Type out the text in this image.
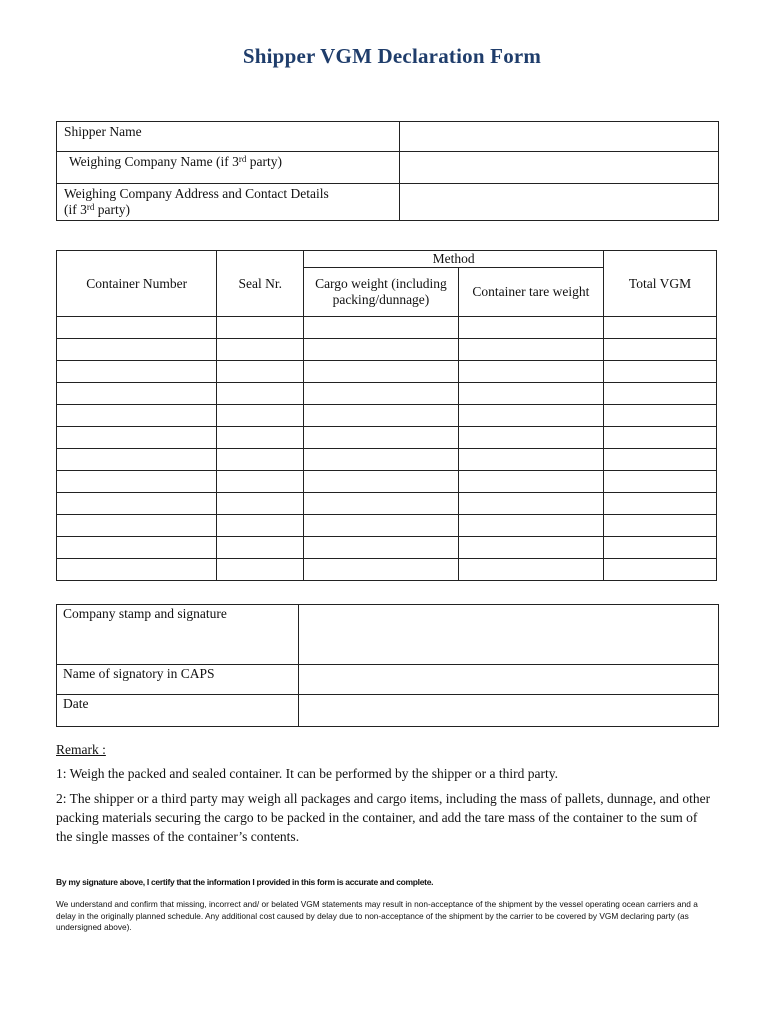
Shipper VGM Declaration Form
Shipper Name	
Weighing Company Name (if 3rd party)	

Weighing Company Address and Contact Details
(if 3rd party)	

Container Number	Seal Nr.	Method		Total VGM
		Cargo weight (including packing/dunnage)	Container tare weight	

Company stamp and signature	
Name of signatory in CAPS	
Date	
Remark :
1: Weigh the packed and sealed container. It can be performed by the shipper or a third party.
2: The shipper or a third party may weigh all packages and cargo items, including the mass of pallets, dunnage, and other packing materials securing the cargo to be packed in the container, and add the tare mass of the container to the sum of the single masses of the container’s contents.
By my signature above, I certify that the information I provided in this form is accurate and complete.
We understand and confirm that missing, incorrect and/ or belated VGM statements may result in non-acceptance of the shipment by the vessel operating ocean carriers and a delay in the originally planned schedule. Any additional cost caused by delay due to non-acceptance of the shipment by the carrier to be covered by VGM declaring party (as undersigned above).
